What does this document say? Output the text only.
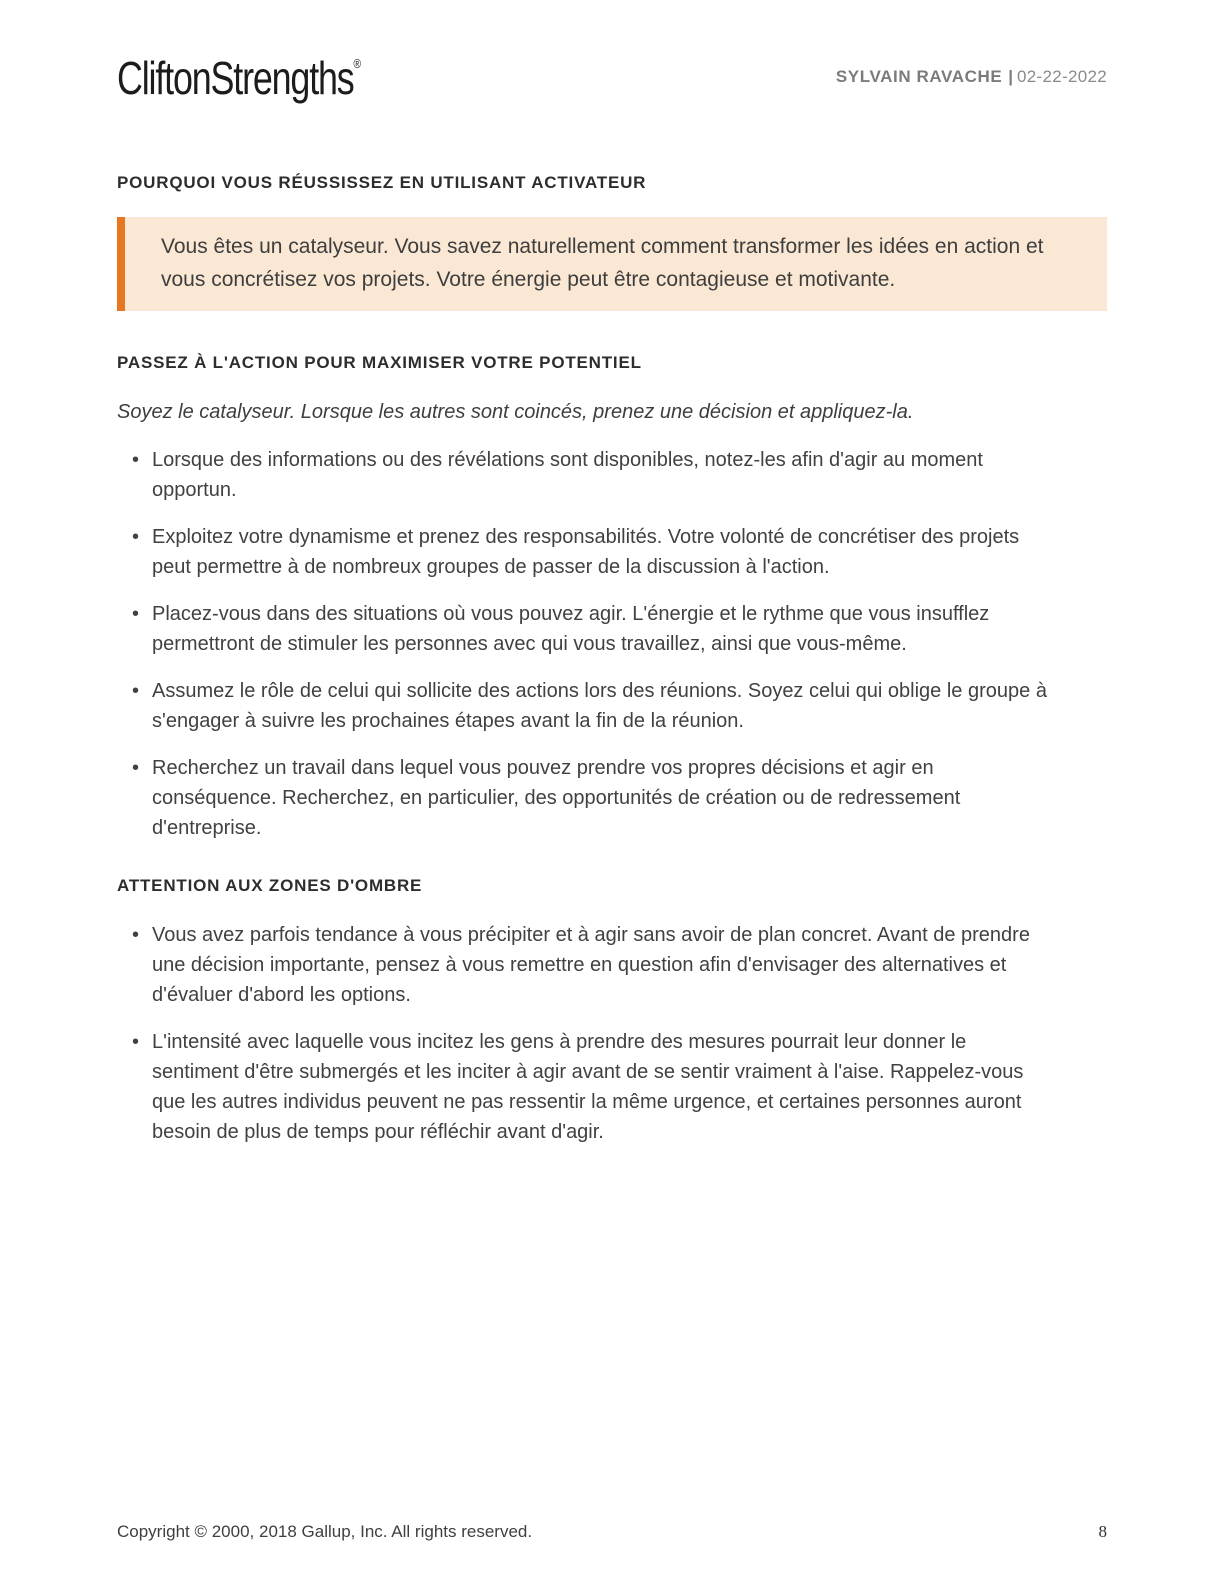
CliftonStrengths®
SYLVAIN RAVACHE | 02-22-2022
POURQUOI VOUS RÉUSSISSEZ EN UTILISANT ACTIVATEUR
Vous êtes un catalyseur. Vous savez naturellement comment transformer les idées en action et vous concrétisez vos projets. Votre énergie peut être contagieuse et motivante.
PASSEZ À L'ACTION POUR MAXIMISER VOTRE POTENTIEL
Soyez le catalyseur. Lorsque les autres sont coincés, prenez une décision et appliquez-la.
• Lorsque des informations ou des révélations sont disponibles, notez-les afin d'agir au moment opportun.
• Exploitez votre dynamisme et prenez des responsabilités. Votre volonté de concrétiser des projets peut permettre à de nombreux groupes de passer de la discussion à l'action.
• Placez-vous dans des situations où vous pouvez agir. L'énergie et le rythme que vous insufflez permettront de stimuler les personnes avec qui vous travaillez, ainsi que vous-même.
• Assumez le rôle de celui qui sollicite des actions lors des réunions. Soyez celui qui oblige le groupe à s'engager à suivre les prochaines étapes avant la fin de la réunion.
• Recherchez un travail dans lequel vous pouvez prendre vos propres décisions et agir en conséquence. Recherchez, en particulier, des opportunités de création ou de redressement d'entreprise.
ATTENTION AUX ZONES D'OMBRE
• Vous avez parfois tendance à vous précipiter et à agir sans avoir de plan concret. Avant de prendre une décision importante, pensez à vous remettre en question afin d'envisager des alternatives et d'évaluer d'abord les options.
• L'intensité avec laquelle vous incitez les gens à prendre des mesures pourrait leur donner le sentiment d'être submergés et les inciter à agir avant de se sentir vraiment à l'aise. Rappelez-vous que les autres individus peuvent ne pas ressentir la même urgence, et certaines personnes auront besoin de plus de temps pour réfléchir avant d'agir.
Copyright © 2000, 2018 Gallup, Inc. All rights reserved.	8
